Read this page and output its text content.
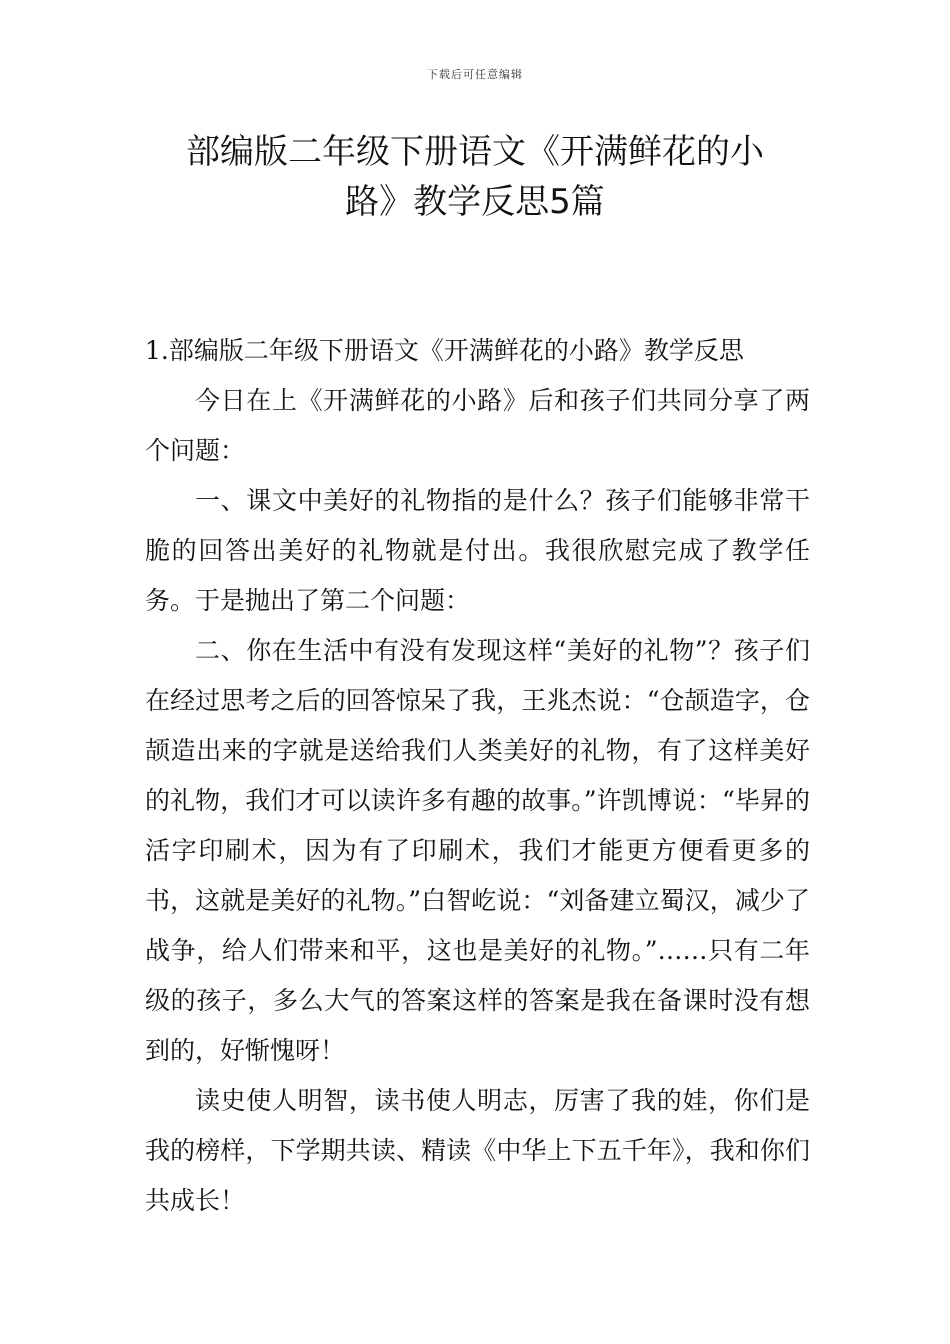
下载后可任意编辑
部编版二年级下册语文《开满鲜花的小
路》教学反思5篇
1.部编版二年级下册语文《开满鲜花的小路》教学反思

今日在上《开满鲜花的小路》后和孩子们共同分享了两个问题：

一、课文中美好的礼物指的是什么？孩子们能够非常干脆的回答出美好的礼物就是付出。我很欣慰完成了教学任务。于是抛出了第二个问题：

二、你在生活中有没有发现这样“美好的礼物”？孩子们在经过思考之后的回答惊呆了我，王兆杰说：“仓颉造字，仓颉造出来的字就是送给我们人类美好的礼物，有了这样美好的礼物，我们才可以读许多有趣的故事。”许凯博说：“毕昇的活字印刷术，因为有了印刷术，我们才能更方便看更多的书，这就是美好的礼物。”白智屹说：“刘备建立蜀汉，减少了战争，给人们带来和平，这也是美好的礼物。”……只有二年级的孩子，多么大气的答案这样的答案是我在备课时没有想到的，好惭愧呀！

读史使人明智，读书使人明志，厉害了我的娃，你们是我的榜样，下学期共读、精读《中华上下五千年》，我和你们共成长！
